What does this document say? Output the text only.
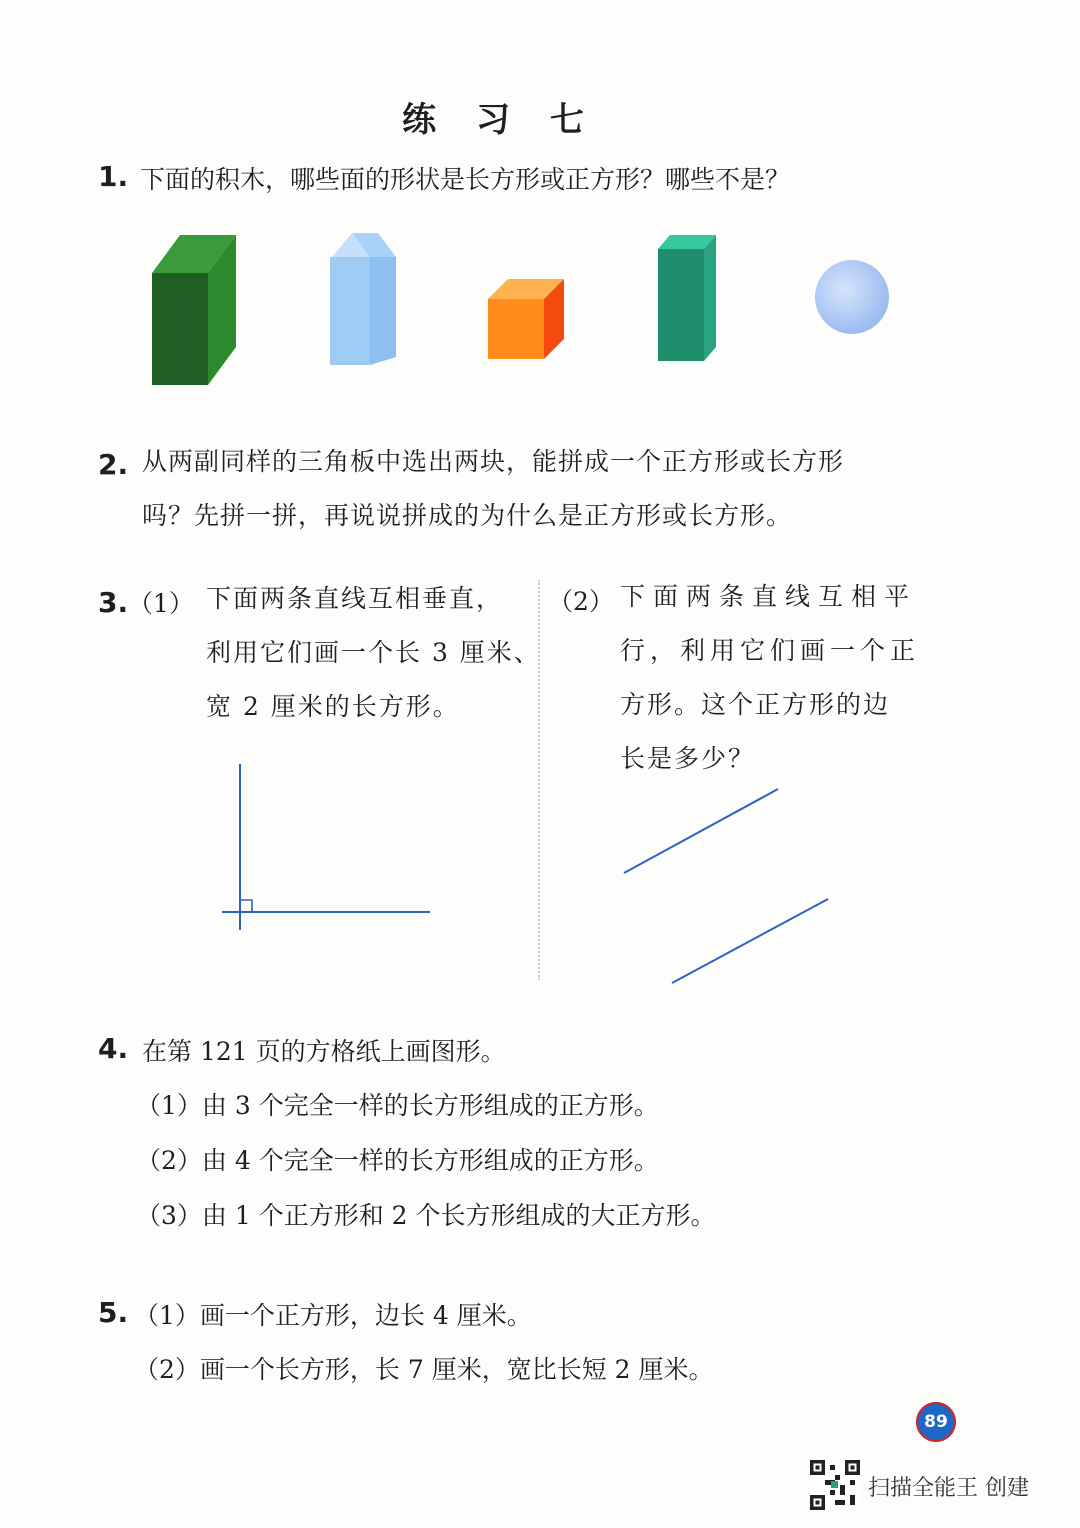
练 习 七
1. 下面的积木，哪些面的形状是长方形或正方形？哪些不是？
2. 从两副同样的三角板中选出两块，能拼成一个正方形或长方形
吗？先拼一拼，再说说拼成的为什么是正方形或长方形。
3. （1） 下面两条直线互相垂直，
利用它们画一个长 3 厘米、
宽 2 厘米的长方形。
（2） 下面两条直线互相平
行，利用它们画一个正
方形。这个正方形的边
长是多少？
4. 在第 121 页的方格纸上画图形。
（1）由 3 个完全一样的长方形组成的正方形。
（2）由 4 个完全一样的长方形组成的正方形。
（3）由 1 个正方形和 2 个长方形组成的大正方形。
5. （1）画一个正方形，边长 4 厘米。
（2）画一个长方形，长 7 厘米，宽比长短 2 厘米。
89
扫描全能王 创建
